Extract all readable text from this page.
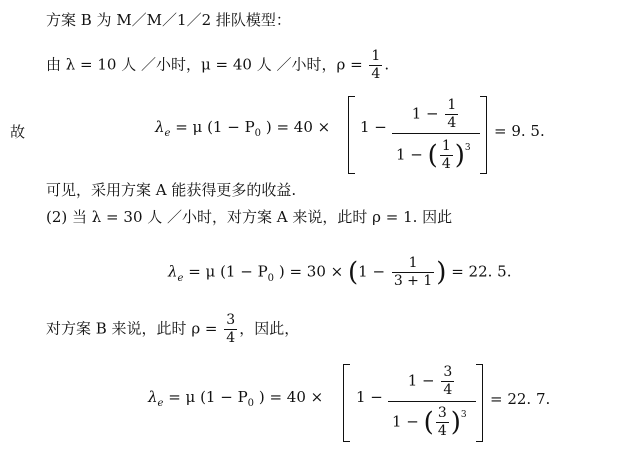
方案 B 为 M／M／1／2 排队模型：
由 λ = 10 人 ／小时，μ = 40 人 ／小时，$\rho = \frac{1}{4}$ .
故	$\lambda_e = \mu$ ($1 - P_0$ ) = 40 × 1 −
$1 - \frac{1}{4}$
1 − ( $\frac{1}{4} )^3$
= 9. 5.
可见，采用方案 A 能获得更多的收益.
(2) 当 λ = 30 人 ／小时，对方案 A 来说，此时 ρ = 1. 因此
$\lambda_e = \mu$ ($1 - P_0$ ) = $30 \times (1 - \frac{1}{3 + 1}$ ) = 22. 5.
对方案 B 来说，此时 $\rho = \frac{3}{4}$ ，因此，
$\lambda_e = \mu$ ($1 - P_0$ ) = 40 × 1 −
$1 - \frac{3}{4}$
1 − ( $\frac{3}{4} )^3$
= 22. 7.
